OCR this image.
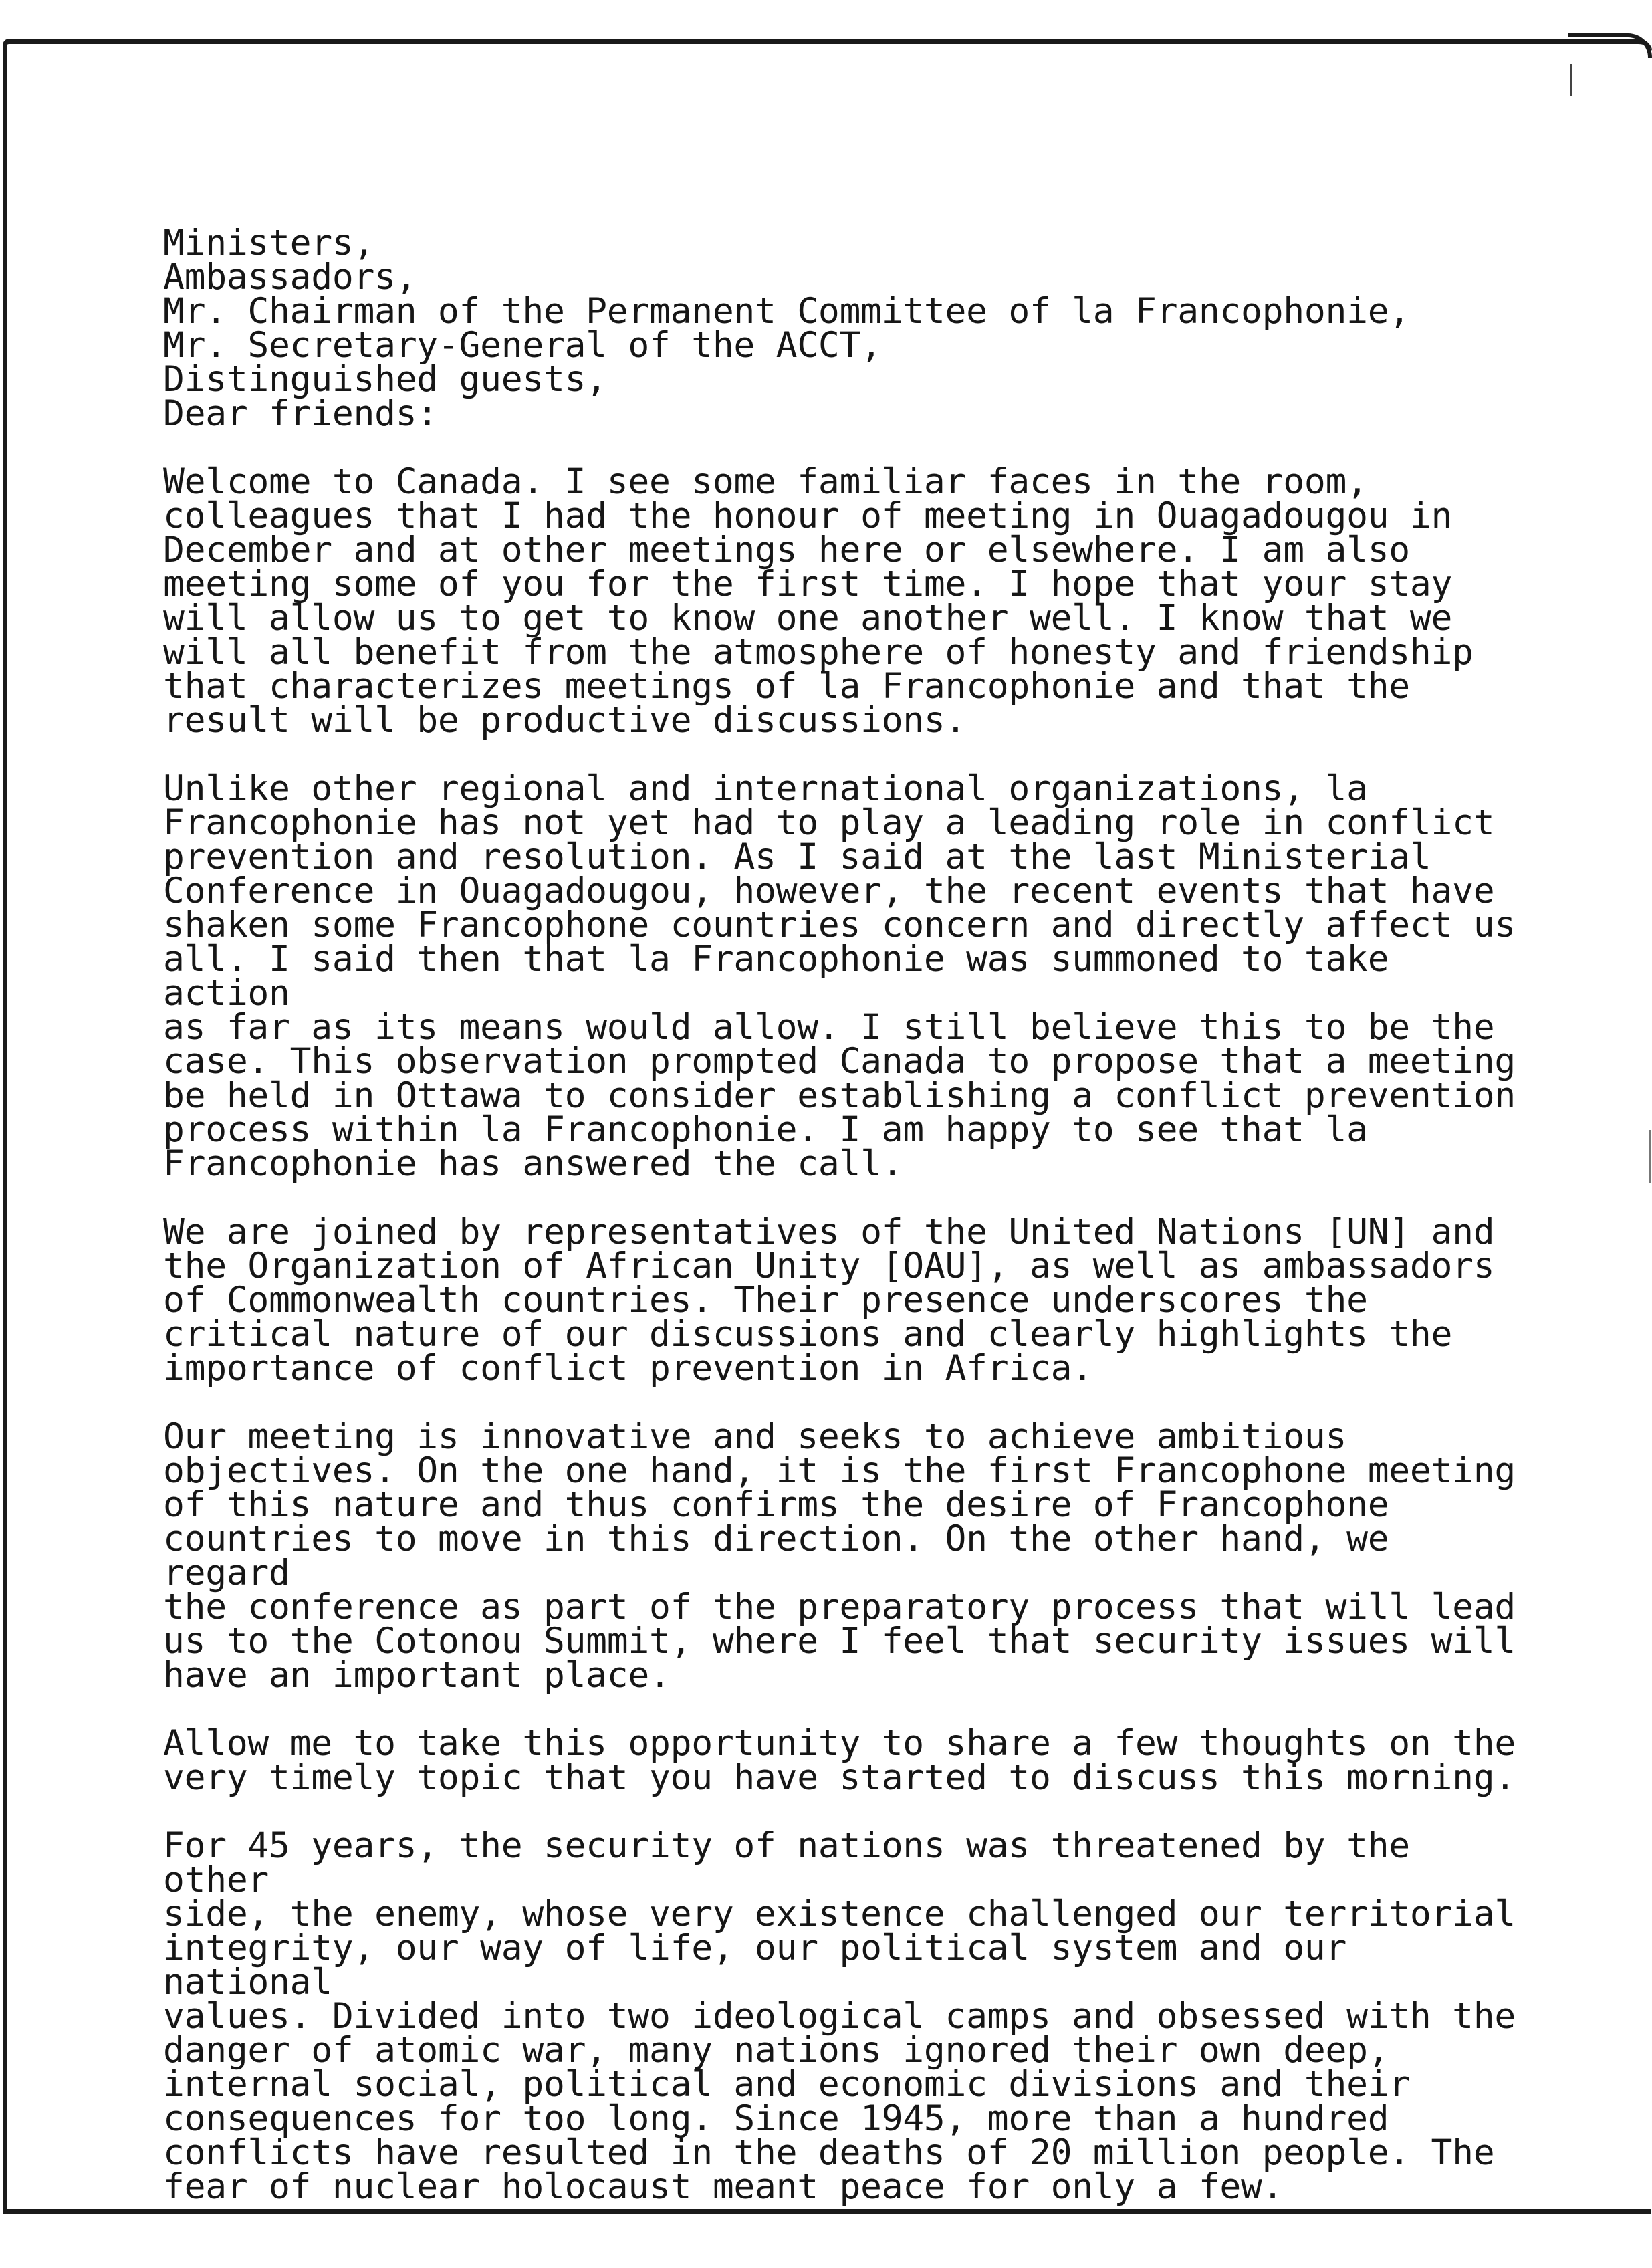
Ministers,
Ambassadors,
Mr. Chairman of the Permanent Committee of la Francophonie,
Mr. Secretary-General of the ACCT,
Distinguished guests,
Dear friends:

Welcome to Canada. I see some familiar faces in the room,
colleagues that I had the honour of meeting in Ouagadougou in
December and at other meetings here or elsewhere. I am also
meeting some of you for the first time. I hope that your stay
will allow us to get to know one another well. I know that we
will all benefit from the atmosphere of honesty and friendship
that characterizes meetings of la Francophonie and that the
result will be productive discussions.

Unlike other regional and international organizations, la
Francophonie has not yet had to play a leading role in conflict
prevention and resolution. As I said at the last Ministerial
Conference in Ouagadougou, however, the recent events that have
shaken some Francophone countries concern and directly affect us
all. I said then that la Francophonie was summoned to take action
as far as its means would allow. I still believe this to be the
case. This observation prompted Canada to propose that a meeting
be held in Ottawa to consider establishing a conflict prevention
process within la Francophonie. I am happy to see that la
Francophonie has answered the call.

We are joined by representatives of the United Nations [UN] and
the Organization of African Unity [OAU], as well as ambassadors
of Commonwealth countries. Their presence underscores the
critical nature of our discussions and clearly highlights the
importance of conflict prevention in Africa.

Our meeting is innovative and seeks to achieve ambitious
objectives. On the one hand, it is the first Francophone meeting
of this nature and thus confirms the desire of Francophone
countries to move in this direction. On the other hand, we regard
the conference as part of the preparatory process that will lead
us to the Cotonou Summit, where I feel that security issues will
have an important place.

Allow me to take this opportunity to share a few thoughts on the
very timely topic that you have started to discuss this morning.

For 45 years, the security of nations was threatened by the other
side, the enemy, whose very existence challenged our territorial
integrity, our way of life, our political system and our national
values. Divided into two ideological camps and obsessed with the
danger of atomic war, many nations ignored their own deep,
internal social, political and economic divisions and their
consequences for too long. Since 1945, more than a hundred
conflicts have resulted in the deaths of 20 million people. The
fear of nuclear holocaust meant peace for only a few.
